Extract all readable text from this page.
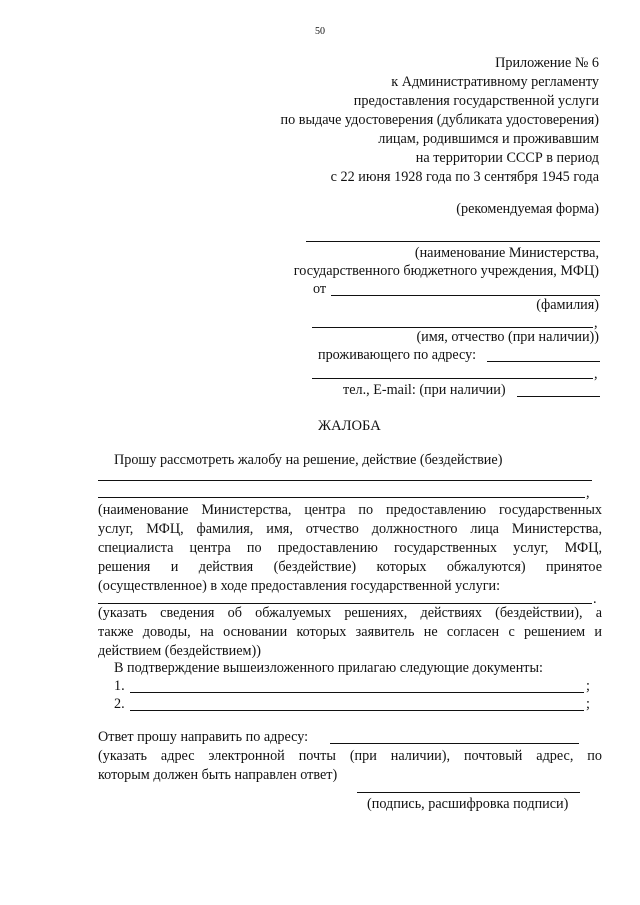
50
Приложение № 6
к Административному регламенту
предоставления государственной услуги
по выдаче удостоверения (дубликата удостоверения)
лицам, родившимся и проживавшим
на территории СССР в период
с 22 июня 1928 года по 3 сентября 1945 года
(рекомендуемая форма)
(наименование Министерства,
государственного бюджетного учреждения, МФЦ)
от
(фамилия)
,
(имя, отчество (при наличии))
проживающего по адресу:
,
тел., E-mail: (при наличии)
ЖАЛОБА
Прошу рассмотреть жалобу на решение, действие (бездействие)
,
(наименование Министерства, центра по предоставлению государственных
услуг, МФЦ, фамилия, имя, отчество должностного лица Министерства,
специалиста центра по предоставлению государственных услуг, МФЦ,
решения и действия (бездействие) которых обжалуются) принятое
(осуществленное) в ходе предоставления государственной услуги:
.
(указать сведения об обжалуемых решениях, действиях (бездействии), а
также доводы, на основании которых заявитель не согласен с решением и
действием (бездействием))
В подтверждение вышеизложенного прилагаю следующие документы:
1.	;
2.	;
Ответ прошу направить по адресу:
(указать адрес электронной почты (при наличии), почтовый адрес, по
которым должен быть направлен ответ)
(подпись, расшифровка подписи)
